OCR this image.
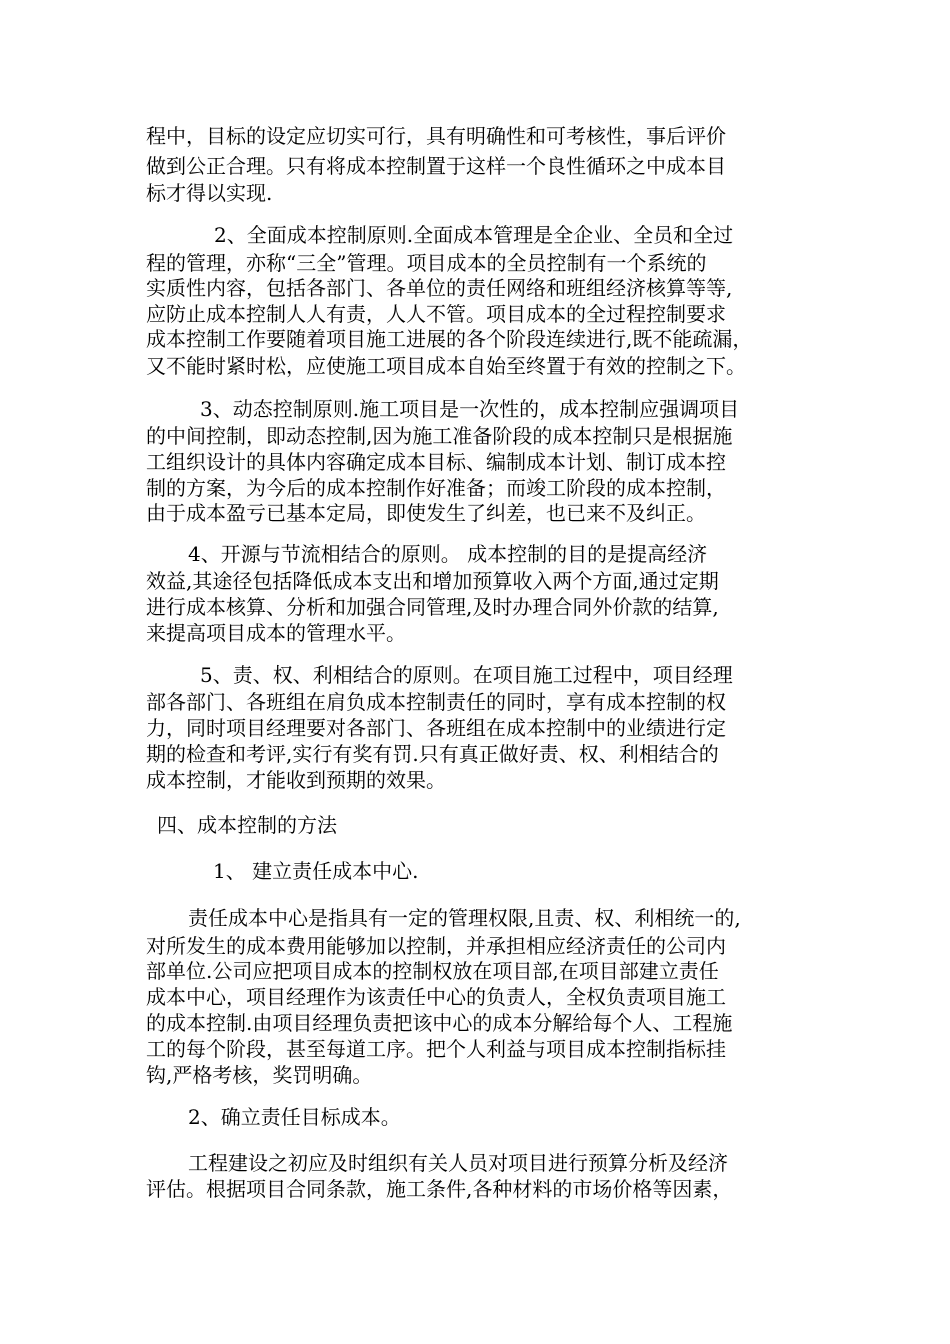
程中，目标的设定应切实可行，具有明确性和可考核性，事后评价
做到公正合理。只有将成本控制置于这样一个良性循环之中成本目
标才得以实现.
2、全面成本控制原则.全面成本管理是全企业、全员和全过
程的管理，亦称“三全”管理。项目成本的全员控制有一个系统的
实质性内容，包括各部门、各单位的责任网络和班组经济核算等等,
应防止成本控制人人有责，人人不管。项目成本的全过程控制要求
成本控制工作要随着项目施工进展的各个阶段连续进行,既不能疏漏，
又不能时紧时松，应使施工项目成本自始至终置于有效的控制之下。
3、动态控制原则.施工项目是一次性的，成本控制应强调项目
的中间控制，即动态控制,因为施工准备阶段的成本控制只是根据施
工组织设计的具体内容确定成本目标、编制成本计划、制订成本控
制的方案，为今后的成本控制作好准备；而竣工阶段的成本控制，
由于成本盈亏已基本定局，即使发生了纠差，也已来不及纠正。
4、开源与节流相结合的原则。 成本控制的目的是提高经济
效益,其途径包括降低成本支出和增加预算收入两个方面,通过定期
进行成本核算、分析和加强合同管理,及时办理合同外价款的结算,
来提高项目成本的管理水平。
5、责、权、利相结合的原则。在项目施工过程中，项目经理
部各部门、各班组在肩负成本控制责任的同时，享有成本控制的权
力，同时项目经理要对各部门、各班组在成本控制中的业绩进行定
期的检查和考评,实行有奖有罚.只有真正做好责、权、利相结合的
成本控制，才能收到预期的效果。
四、成本控制的方法
1、 建立责任成本中心.
责任成本中心是指具有一定的管理权限,且责、权、利相统一的,
对所发生的成本费用能够加以控制，并承担相应经济责任的公司内
部单位.公司应把项目成本的控制权放在项目部,在项目部建立责任
成本中心，项目经理作为该责任中心的负责人，全权负责项目施工
的成本控制.由项目经理负责把该中心的成本分解给每个人、工程施
工的每个阶段，甚至每道工序。把个人利益与项目成本控制指标挂
钩,严格考核，奖罚明确。
2、确立责任目标成本。
工程建设之初应及时组织有关人员对项目进行预算分析及经济
评估。根据项目合同条款，施工条件,各种材料的市场价格等因素，
